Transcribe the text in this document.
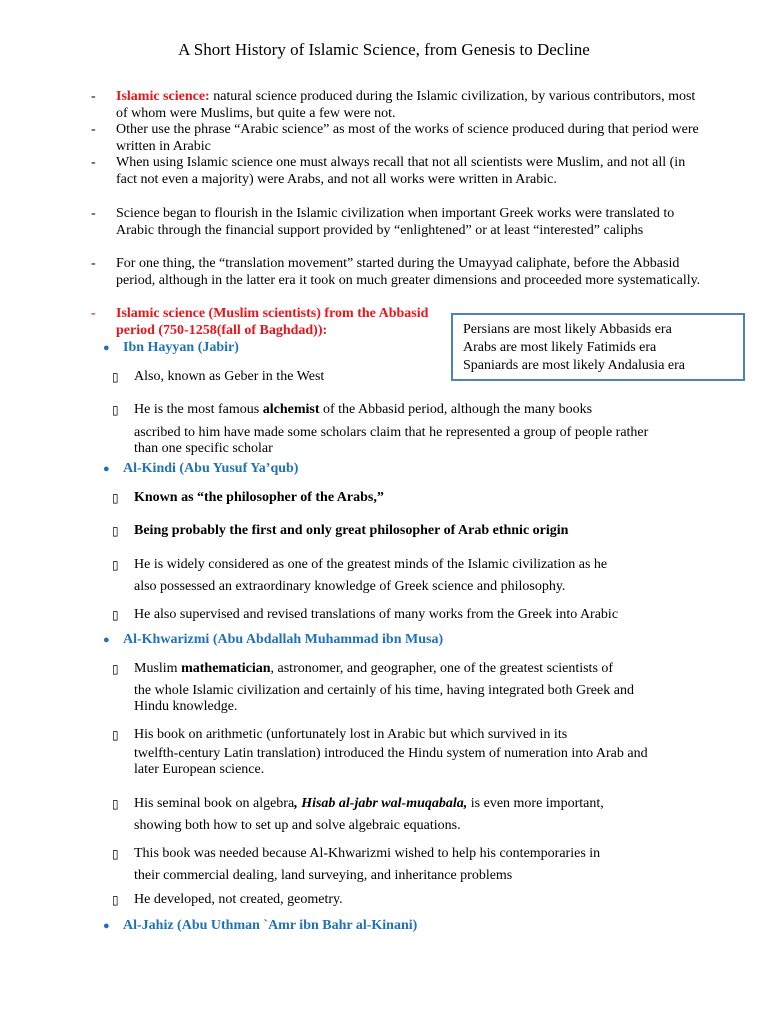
A Short History of Islamic Science, from Genesis to Decline
- Islamic science: natural science produced during the Islamic civilization, by various contributors, most of whom were Muslims, but quite a few were not.
- Other use the phrase “Arabic science” as most of the works of science produced during that period were written in Arabic
- When using Islamic science one must always recall that not all scientists were Muslim, and not all (in fact not even a majority) were Arabs, and not all works were written in Arabic.
- Science began to flourish in the Islamic civilization when important Greek works were translated to Arabic through the financial support provided by “enlightened” or at least “interested” caliphs
- For one thing, the “translation movement” started during the Umayyad caliphate, before the Abbasid period, although in the latter era it took on much greater dimensions and proceeded more systematically.
- Islamic science (Muslim scientists) from the Abbasid period (750-1258(fall of Baghdad)):	Persians are most likely Abbasids era
Arabs are most likely Fatimids era
Spaniards are most likely Andalusia era
● Ibn Hayyan (Jabir)
▯ Also, known as Geber in the West
▯ He is the most famous alchemist of the Abbasid period, although the many books
ascribed to him have made some scholars claim that he represented a group of people rather than one specific scholar
● Al-Kindi (Abu Yusuf Ya’qub)
▯ Known as “the philosopher of the Arabs,”
▯ Being probably the first and only great philosopher of Arab ethnic origin
▯ He is widely considered as one of the greatest minds of the Islamic civilization as he
also possessed an extraordinary knowledge of Greek science and philosophy.
▯ He also supervised and revised translations of many works from the Greek into Arabic
● Al-Khwarizmi (Abu Abdallah Muhammad ibn Musa)
▯ Muslim mathematician, astronomer, and geographer, one of the greatest scientists of
the whole Islamic civilization and certainly of his time, having integrated both Greek and Hindu knowledge.
▯ His book on arithmetic (unfortunately lost in Arabic but which survived in its
twelfth-century Latin translation) introduced the Hindu system of numeration into Arab and later European science.
▯ His seminal book on algebra, Hisab al-jabr wal-muqabala, is even more important,
showing both how to set up and solve algebraic equations.
▯ This book was needed because Al-Khwarizmi wished to help his contemporaries in
their commercial dealing, land surveying, and inheritance problems
▯ He developed, not created, geometry.
● Al-Jahiz (Abu Uthman `Amr ibn Bahr al-Kinani)
